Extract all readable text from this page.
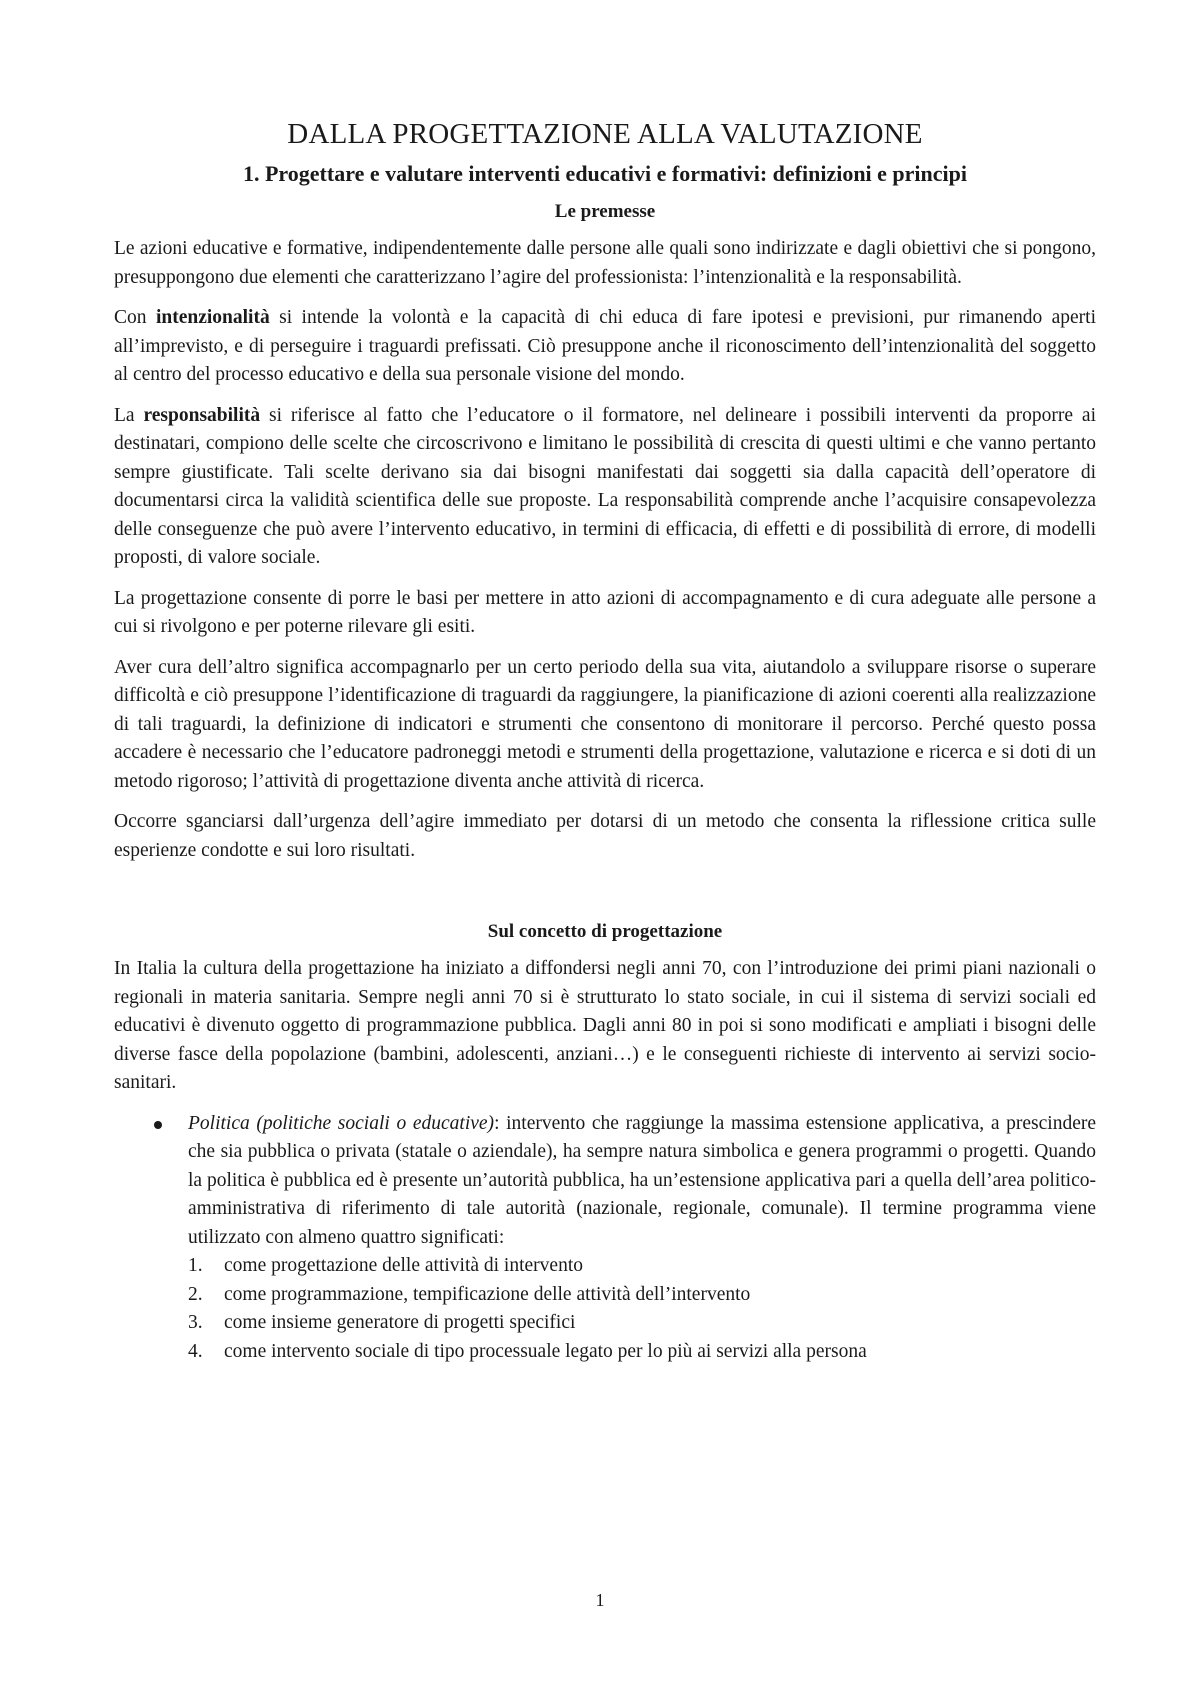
DALLA PROGETTAZIONE ALLA VALUTAZIONE
1. Progettare e valutare interventi educativi e formativi: definizioni e principi
Le premesse

Le azioni educative e formative, indipendentemente dalle persone alle quali sono indirizzate e dagli obiettivi che si pongono, presuppongono due elementi che caratterizzano l’agire del professionista: l’intenzionalità e la responsabilità.

Con intenzionalità si intende la volontà e la capacità di chi educa di fare ipotesi e previsioni, pur rimanendo aperti all’imprevisto, e di perseguire i traguardi prefissati. Ciò presuppone anche il riconoscimento dell’intenzionalità del soggetto al centro del processo educativo e della sua personale visione del mondo.

La responsabilità si riferisce al fatto che l’educatore o il formatore, nel delineare i possibili interventi da proporre ai destinatari, compiono delle scelte che circoscrivono e limitano le possibilità di crescita di questi ultimi e che vanno pertanto sempre giustificate. Tali scelte derivano sia dai bisogni manifestati dai soggetti sia dalla capacità dell’operatore di documentarsi circa la validità scientifica delle sue proposte. La responsabilità comprende anche l’acquisire consapevolezza delle conseguenze che può avere l’intervento educativo, in termini di efficacia, di effetti e di possibilità di errore, di modelli proposti, di valore sociale.

La progettazione consente di porre le basi per mettere in atto azioni di accompagnamento e di cura adeguate alle persone a cui si rivolgono e per poterne rilevare gli esiti.

Aver cura dell’altro significa accompagnarlo per un certo periodo della sua vita, aiutandolo a sviluppare risorse o superare difficoltà e ciò presuppone l’identificazione di traguardi da raggiungere, la pianificazione di azioni coerenti alla realizzazione di tali traguardi, la definizione di indicatori e strumenti che consentono di monitorare il percorso. Perché questo possa accadere è necessario che l’educatore padroneggi metodi e strumenti della progettazione, valutazione e ricerca e si doti di un metodo rigoroso; l’attività di progettazione diventa anche attività di ricerca.

Occorre sganciarsi dall’urgenza dell’agire immediato per dotarsi di un metodo che consenta la riflessione critica sulle esperienze condotte e sui loro risultati.

Sul concetto di progettazione

In Italia la cultura della progettazione ha iniziato a diffondersi negli anni 70, con l’introduzione dei primi piani nazionali o regionali in materia sanitaria. Sempre negli anni 70 si è strutturato lo stato sociale, in cui il sistema di servizi sociali ed educativi è divenuto oggetto di programmazione pubblica. Dagli anni 80 in poi si sono modificati e ampliati i bisogni delle diverse fasce della popolazione (bambini, adolescenti, anziani…) e le conseguenti richieste di intervento ai servizi socio-sanitari.

Politica (politiche sociali o educative): intervento che raggiunge la massima estensione applicativa, a prescindere che sia pubblica o privata (statale o aziendale), ha sempre natura simbolica e genera programmi o progetti. Quando la politica è pubblica ed è presente un’autorità pubblica, ha un’estensione applicativa pari a quella dell’area politico-amministrativa di riferimento di tale autorità (nazionale, regionale, comunale). Il termine programma viene utilizzato con almeno quattro significati:
1. come progettazione delle attività di intervento
2. come programmazione, tempificazione delle attività dell’intervento
3. come insieme generatore di progetti specifici
4. come intervento sociale di tipo processuale legato per lo più ai servizi alla persona
1
